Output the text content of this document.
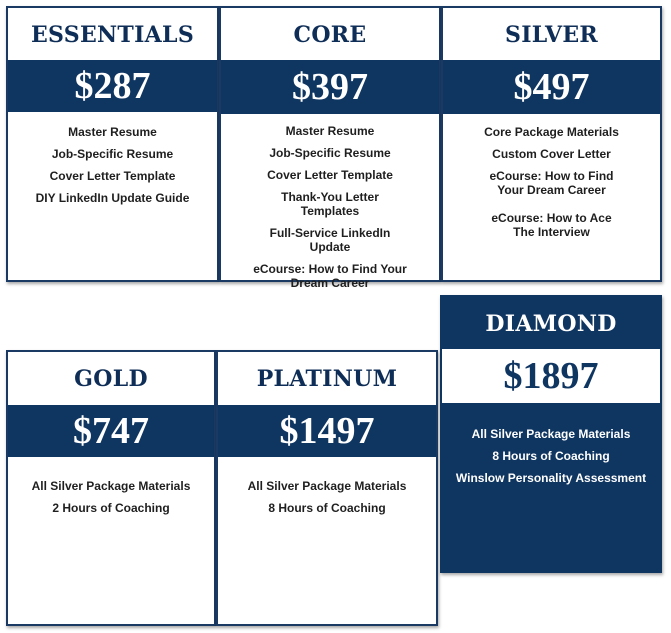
ESSENTIALS
$287
Master Resume
Job-Specific Resume
Cover Letter Template
DIY LinkedIn Update Guide
CORE
$397
Master Resume
Job-Specific Resume
Cover Letter Template
Thank-You Letter Templates
Full-Service LinkedIn Update
eCourse: How to Find Your Dream Career
SILVER
$497
Core Package Materials
Custom Cover Letter
eCourse: How to Find Your Dream Career
eCourse: How to Ace The Interview
GOLD
$747
All Silver Package Materials
2 Hours of Coaching
PLATINUM
$1497
All Silver Package Materials
8 Hours of Coaching
DIAMOND
$1897
All Silver Package Materials
8 Hours of Coaching
Winslow Personality Assessment
